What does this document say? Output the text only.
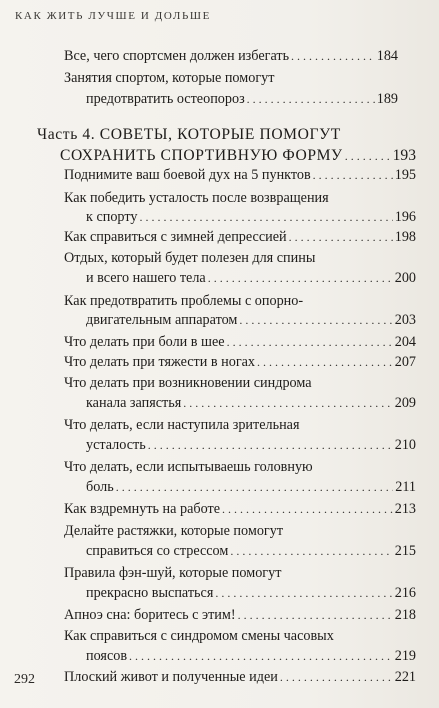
КАК ЖИТЬ ЛУЧШЕ И ДОЛЬШЕ
Все, чего спортсмен должен избегать . . .	184
Занятия спортом, которые помогут
предотвратить остеопороз . . .	189
Часть 4. СОВЕТЫ, КОТОРЫЕ ПОМОГУТ
СОХРАНИТЬ СПОРТИВНУЮ ФОРМУ . . .	193
Поднимите ваш боевой дух на 5 пунктов . . .	195
Как победить усталость после возвращения
к спорту . . .	196
Как справиться с зимней депрессией . . .	198
Отдых, который будет полезен для спины
и всего нашего тела . . .	200
Как предотвратить проблемы с опорно-
двигательным аппаратом . . .	203
Что делать при боли в шее . . .	204
Что делать при тяжести в ногах . . .	207
Что делать при возникновении синдрома
канала запястья . . .	209
Что делать, если наступила зрительная
усталость . . .	210
Что делать, если испытываешь головную
боль . . .	211
Как вздремнуть на работе . . .	213
Делайте растяжки, которые помогут
справиться со стрессом . . .	215
Правила фэн-шуй, которые помогут
прекрасно выспаться . . .	216
Апноэ сна: боритесь с этим! . . .	218
Как справиться с синдромом смены часовых
поясов . . .	219
Плоский живот и полученные идеи . . .	221
292
